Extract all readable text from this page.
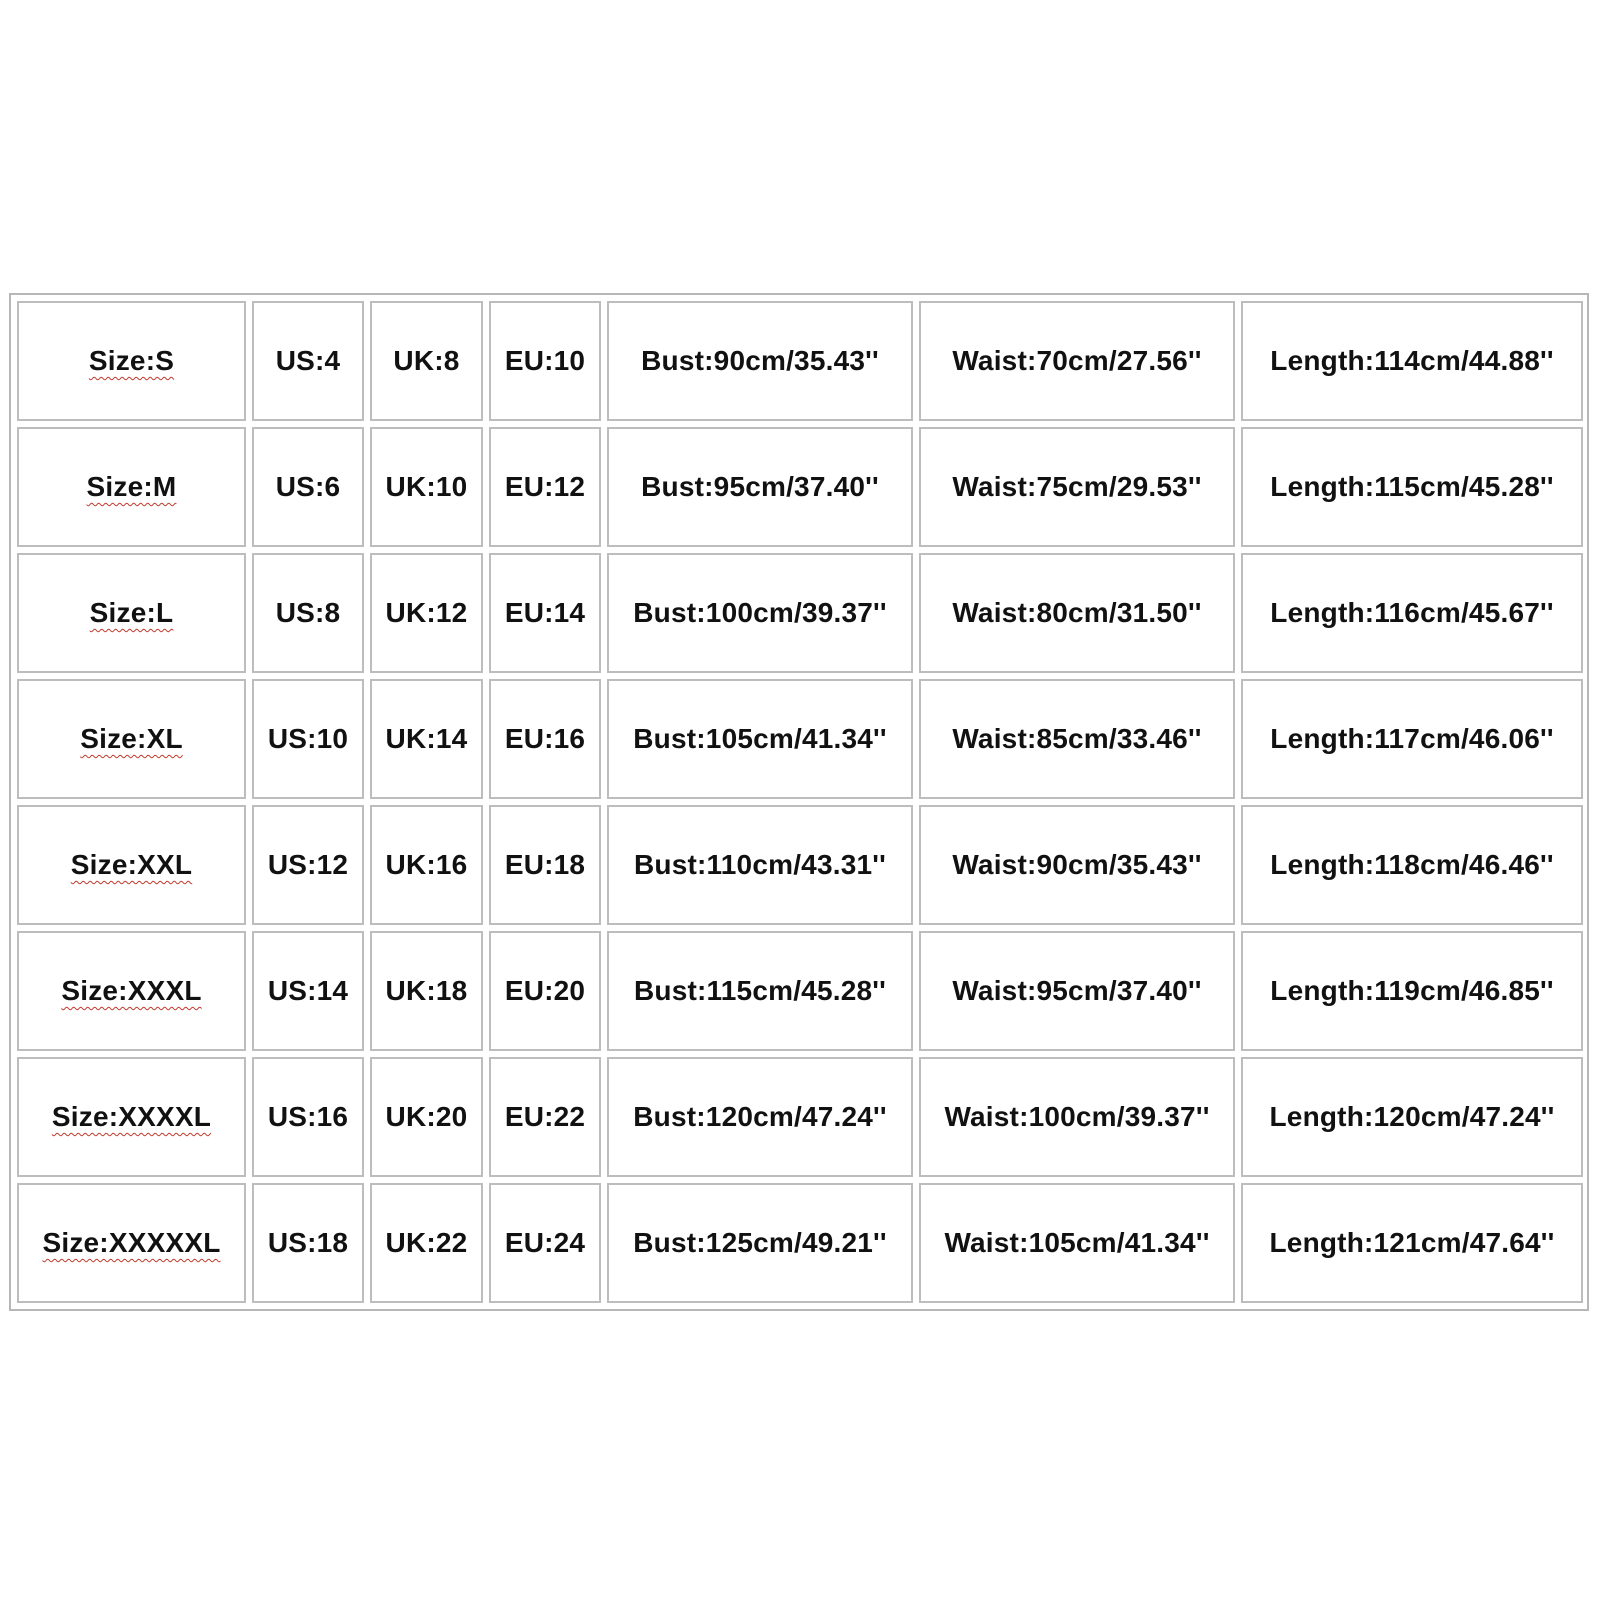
Size:S	US:4	UK:8	EU:10	Bust:90cm/35.43''	Waist:70cm/27.56''	Length:114cm/44.88''
Size:M	US:6	UK:10	EU:12	Bust:95cm/37.40''	Waist:75cm/29.53''	Length:115cm/45.28''
Size:L	US:8	UK:12	EU:14	Bust:100cm/39.37''	Waist:80cm/31.50''	Length:116cm/45.67''
Size:XL	US:10	UK:14	EU:16	Bust:105cm/41.34''	Waist:85cm/33.46''	Length:117cm/46.06''
Size:XXL	US:12	UK:16	EU:18	Bust:110cm/43.31''	Waist:90cm/35.43''	Length:118cm/46.46''
Size:XXXL	US:14	UK:18	EU:20	Bust:115cm/45.28''	Waist:95cm/37.40''	Length:119cm/46.85''
Size:XXXXL	US:16	UK:20	EU:22	Bust:120cm/47.24''	Waist:100cm/39.37''	Length:120cm/47.24''
Size:XXXXXL	US:18	UK:22	EU:24	Bust:125cm/49.21''	Waist:105cm/41.34''	Length:121cm/47.64''
